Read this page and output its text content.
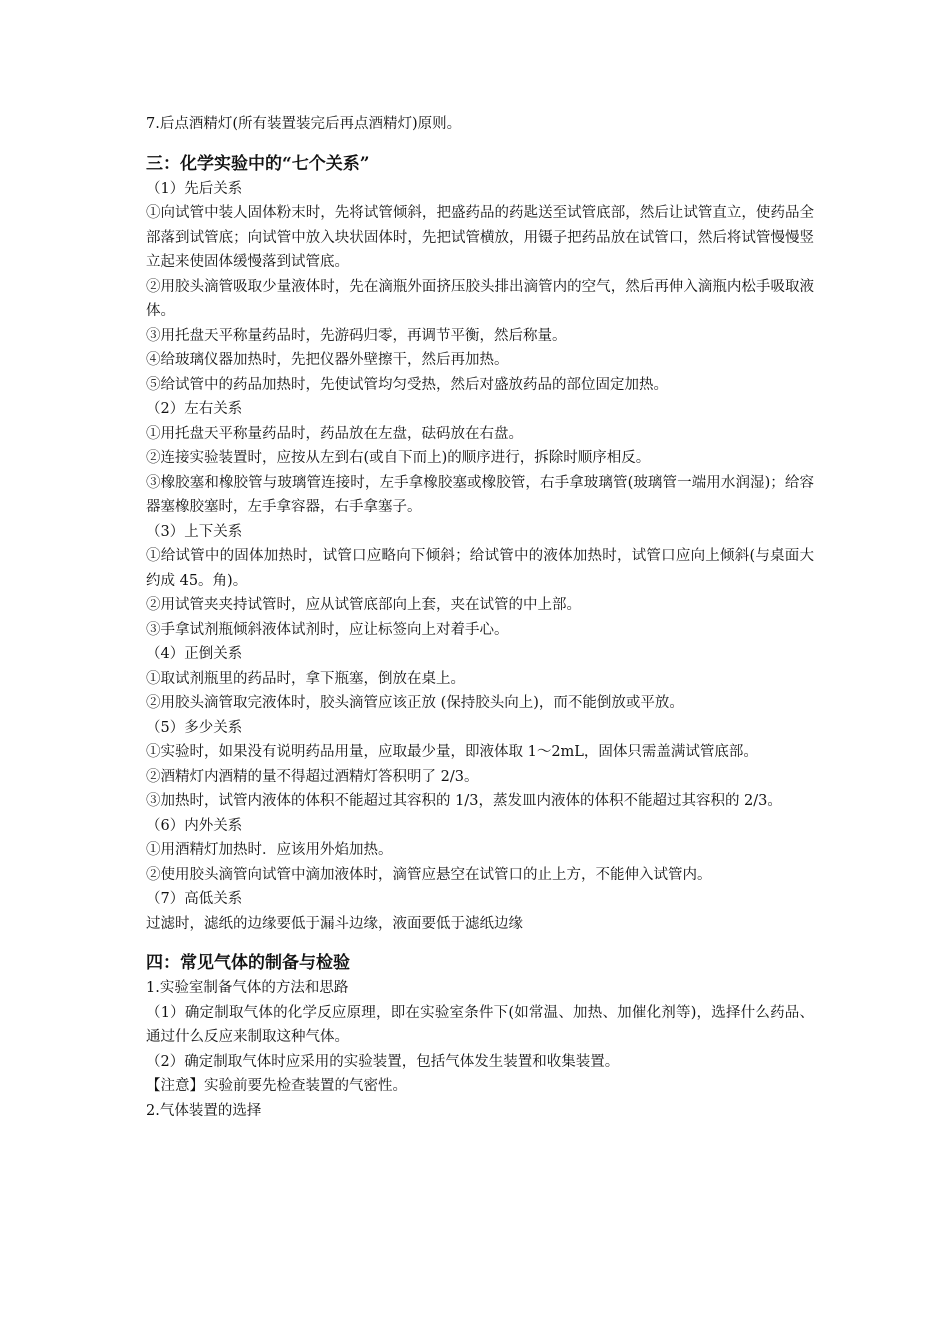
7.后点酒精灯(所有装置装完后再点酒精灯)原则。

三：化学实验中的“七个关系”

（1）先后关系

①向试管中装人固体粉末时，先将试管倾斜，把盛药品的药匙送至试管底部，然后让试管直立，使药品全部落到试管底；向试管中放入块状固体时，先把试管横放，用镊子把药品放在试管口，然后将试管慢慢竖立起来使固体缓慢落到试管底。

②用胶头滴管吸取少量液体时，先在滴瓶外面挤压胶头排出滴管内的空气，然后再伸入滴瓶内松手吸取液体。

③用托盘天平称量药品时，先游码归零，再调节平衡，然后称量。

④给玻璃仪器加热时，先把仪器外壁擦干，然后再加热。

⑤给试管中的药品加热时，先使试管均匀受热，然后对盛放药品的部位固定加热。

（2）左右关系

①用托盘天平称量药品时，药品放在左盘，砝码放在右盘。

②连接实验装置时，应按从左到右(或自下而上)的顺序进行，拆除时顺序相反。

③橡胶塞和橡胶管与玻璃管连接时，左手拿橡胶塞或橡胶管，右手拿玻璃管(玻璃管一端用水润湿)；给容器塞橡胶塞时，左手拿容器，右手拿塞子。

（3）上下关系

①给试管中的固体加热时，试管口应略向下倾斜；给试管中的液体加热时，试管口应向上倾斜(与桌面大约成 45。角)。

②用试管夹夹持试管时，应从试管底部向上套，夹在试管的中上部。

③手拿试剂瓶倾斜液体试剂时，应让标签向上对着手心。

（4）正倒关系

①取试剂瓶里的药品时，拿下瓶塞，倒放在桌上。

②用胶头滴管取完液体时，胶头滴管应该正放 (保持胶头向上)，而不能倒放或平放。

（5）多少关系

①实验时，如果没有说明药品用量，应取最少量，即液体取 1～2mL，固体只需盖满试管底部。

②酒精灯内酒精的量不得超过酒精灯答积明了 2/3。

③加热时，试管内液体的体积不能超过其容积的 1/3，蒸发皿内液体的体积不能超过其容积的 2/3。

（6）内外关系

①用酒精灯加热时．应该用外焰加热。

②使用胶头滴管向试管中滴加液体时，滴管应悬空在试管口的止上方，不能伸入试管内。

（7）高低关系

过滤时，滤纸的边缘要低于漏斗边缘，液面要低于滤纸边缘

四：常见气体的制备与检验

1.实验室制备气体的方法和思路

（1）确定制取气体的化学反应原理，即在实验室条件下(如常温、加热、加催化剂等)，选择什么药品、通过什么反应来制取这种气体。

（2）确定制取气体时应采用的实验装置，包括气体发生装置和收集装置。

【注意】实验前要先检查装置的气密性。

2.气体装置的选择
